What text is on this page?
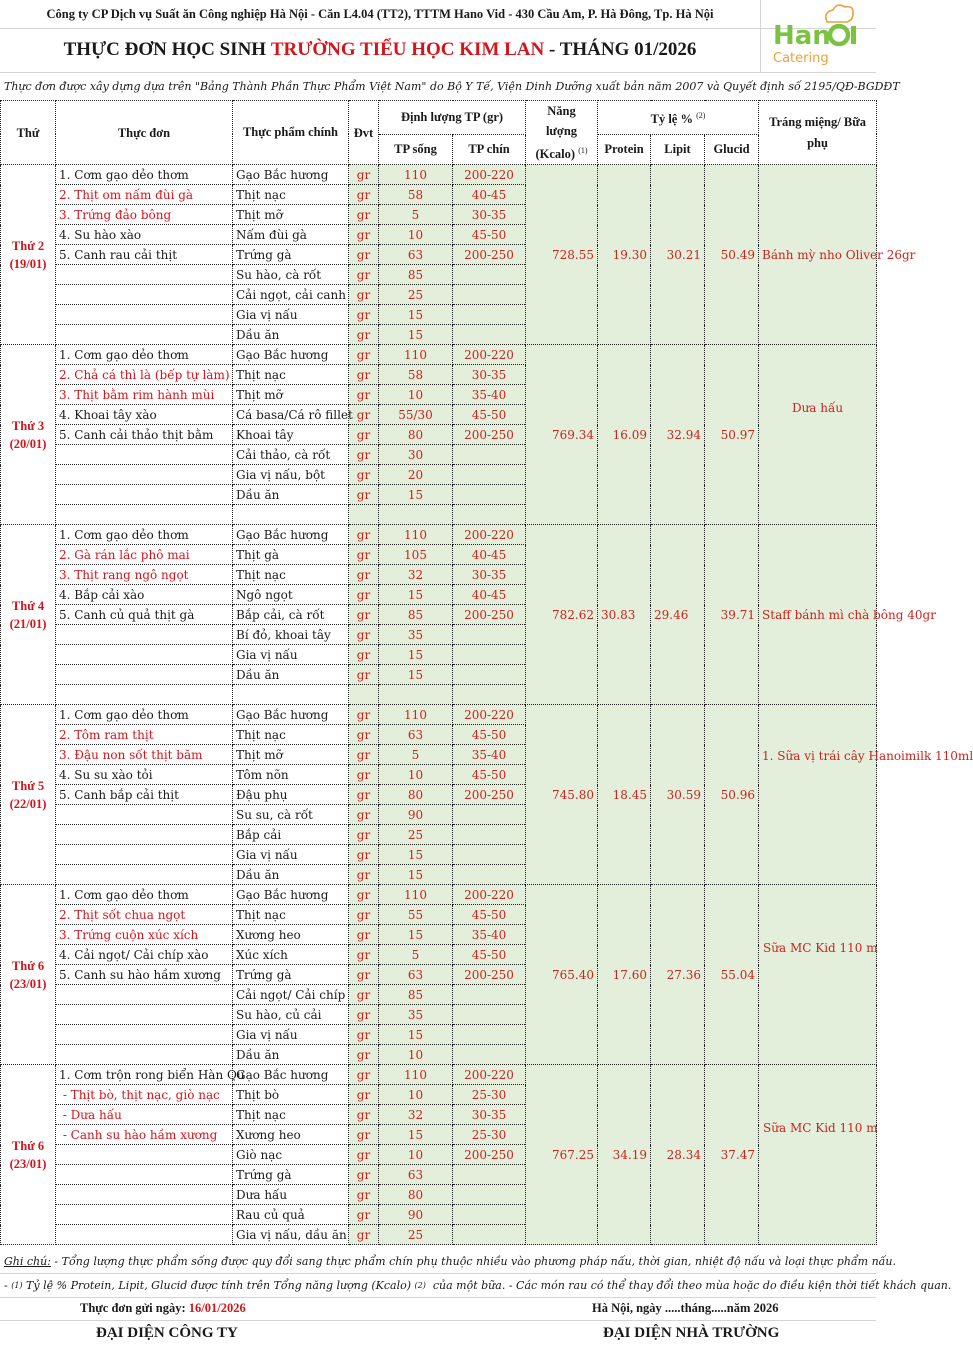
Công ty CP Dịch vụ Suất ăn Công nghiệp Hà Nội - Căn L4.04 (TT2), TTTM Hano Vid - 430 Cầu Am, P. Hà Đông, Tp. Hà Nội
THỰC ĐƠN HỌC SINH TRƯỜNG TIỂU HỌC KIM LAN - THÁNG 01/2026	Han
Catering
Thực đơn được xây dựng dựa trên "Bảng Thành Phần Thực Phẩm Việt Nam" do Bộ Y Tế, Viện Dinh Dưỡng xuất bản năm 2007 và Quyết định số 2195/QĐ-BGDĐT
Thứ	Thực đơn	Thực phẩm chính	Đvt	Định lượng TP (gr)	Năng lượng (Kcalo) $^{(1)}$	Tỷ lệ % $^{(2)}$	Tráng miệng/ Bữa phụ
TP sống	TP chín	Protein	Lipit	Glucid

Thứ 2
(19/01)
	1. Cơm gạo dẻo thơm	Gạo Bắc hương	gr	110	200-220	728.55	19.30	30.21	50.49	Bánh mỳ nho Oliver 26gr
2. Thịt om nấm đùi gà	Thịt nạc	gr	58	40-45
3. Trứng đảo bông	Thịt mỡ	gr	5	30-35
4. Su hào xào	Nấm đùi gà	gr	10	45-50
5. Canh rau cải thịt	Trứng gà	gr	63	200-250
	Su hào, cà rốt	gr	85	
	Cải ngọt, cải canh	gr	25	
	Gia vị nấu	gr	15	
	Dầu ăn	gr	15	

Thứ 3
(20/01)
	1. Cơm gạo dẻo thơm	Gạo Bắc hương	gr	110	200-220	769.34	16.09	32.94	50.97	Dưa hấu
2. Chả cá thì là (bếp tự làm)	Thịt nạc	gr	58	30-35
3. Thịt bằm rim hành mùi	Thịt mỡ	gr	10	35-40
4. Khoai tây xào	Cá basa/Cá rô fillet	gr	55/30	45-50
5. Canh cải thảo thịt bằm	Khoai tây	gr	80	200-250
	Cải thảo, cà rốt	gr	30	
	Gia vị nấu, bột	gr	20	
	Dầu ăn	gr	15	

Thứ 4
(21/01)
	1. Cơm gạo dẻo thơm	Gạo Bắc hương	gr	110	200-220	782.62	30.83	29.46	39.71	Staff bánh mì chà bông 40gr
2. Gà rán lắc phô mai	Thịt gà	gr	105	40-45
3. Thịt rang ngô ngọt	Thịt nạc	gr	32	30-35
4. Bắp cải xào	Ngô ngọt	gr	15	40-45
5. Canh củ quả thịt gà	Bắp cải, cà rốt	gr	85	200-250
	Bí đỏ, khoai tây	gr	35	
	Gia vị nấu	gr	15	
	Dầu ăn	gr	15	

Thứ 5
(22/01)
	1. Cơm gạo dẻo thơm	Gạo Bắc hương	gr	110	200-220	745.80	18.45	30.59	50.96	1. Sữa vị trái cây Hanoimilk 110ml
2. Tôm ram thịt	Thịt nạc	gr	63	45-50
3. Đậu non sốt thịt băm	Thịt mỡ	gr	5	35-40
4. Su su xào tỏi	Tôm nõn	gr	10	45-50
5. Canh bắp cải thịt	Đậu phụ	gr	80	200-250
	Su su, cà rốt	gr	90	
	Bắp cải	gr	25	
	Gia vị nấu	gr	15	
	Dầu ăn	gr	15	

Thứ 6
(23/01)
	1. Cơm gạo dẻo thơm	Gạo Bắc hương	gr	110	200-220	765.40	17.60	27.36	55.04	Sữa MC Kid 110 m
2. Thịt sốt chua ngọt	Thịt nạc	gr	55	45-50
3. Trứng cuộn xúc xích	Xương heo	gr	15	35-40
4. Cải ngọt/ Cải chíp xào	Xúc xích	gr	5	45-50
5. Canh su hào hầm xương	Trứng gà	gr	63	200-250
	Cải ngọt/ Cải chíp	gr	85	
	Su hào, củ cải	gr	35	
	Gia vị nấu	gr	15	
	Dầu ăn	gr	10	

Thứ 6
(23/01)
	1. Cơm trộn rong biển Hàn Qu	Gạo Bắc hương	gr	110	200-220	767.25	34.19	28.34	37.47	Sữa MC Kid 110 m
- Thịt bò, thịt nạc, giò nạc	Thịt bò	gr	10	25-30
- Dưa hấu	Thịt nạc	gr	32	30-35
- Canh su hào hầm xương	Xương heo	gr	15	25-30
	Giò nạc	gr	10	200-250
	Trứng gà	gr	63	
	Dưa hấu	gr	80	
	Rau củ quả	gr	90	
	Gia vị nấu, dầu ăn	gr	25	
Ghi chú: - Tổng lượng thực phẩm sống được quy đổi sang thực phẩm chín phụ thuộc nhiều vào phương pháp nấu, thời gian, nhiệt độ nấu và loại thực phẩm nấu.
- (1) Tỷ lệ % Protein, Lipit, Glucid được tính trên Tổng năng lượng (Kcalo) (2) của một bữa. - Các món rau có thể thay đổi theo mùa hoặc do điều kiện thời tiết khách quan.
Thực đơn gửi ngày: 16/01/2026	Hà Nội, ngày .....tháng.....năm 2026
ĐẠI DIỆN CÔNG TY	ĐẠI DIỆN NHÀ TRƯỜNG
